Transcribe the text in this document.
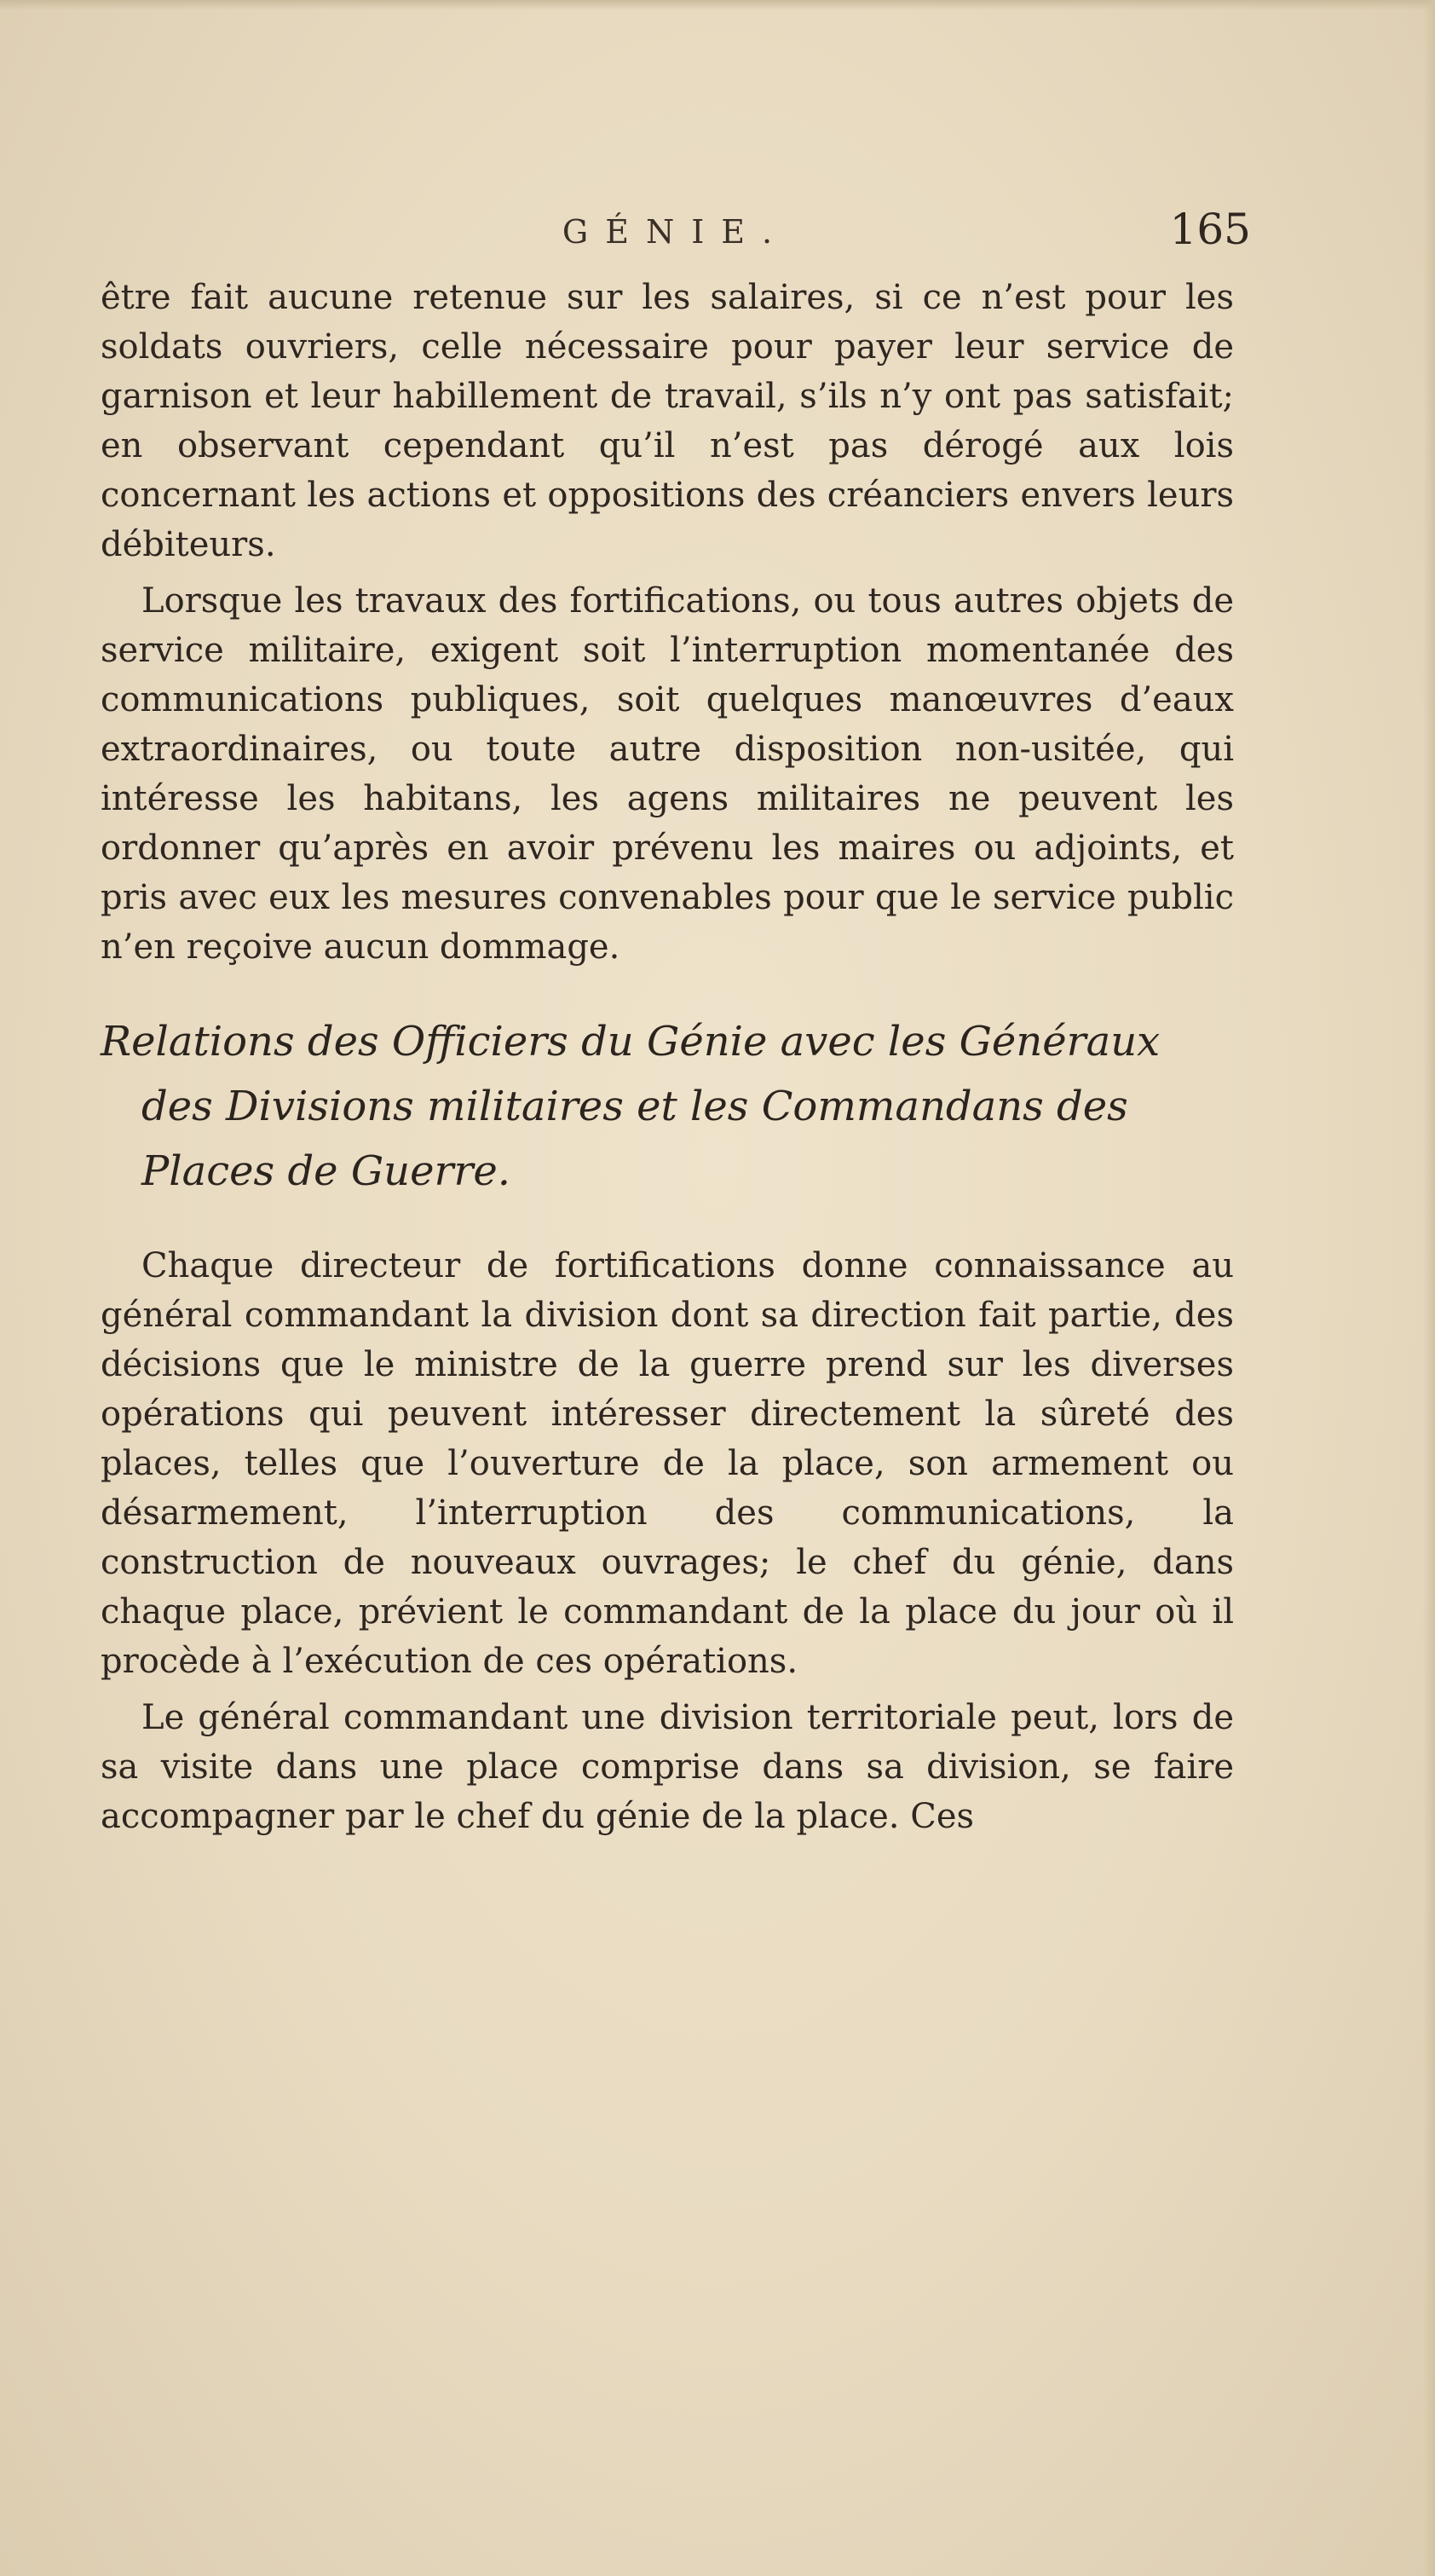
GÉNIE.	165

être fait aucune retenue sur les salaires, si ce n’est pour les soldats ouvriers, celle nécessaire pour payer leur service de garnison et leur habillement de travail, s’ils n’y ont pas satisfait; en observant cependant qu’il n’est pas dérogé aux lois concernant les actions et oppositions des créanciers envers leurs débiteurs.

Lorsque les travaux des fortifications, ou tous autres objets de service militaire, exigent soit l’interruption momentanée des communications publiques, soit quelques manœuvres d’eaux extraordinaires, ou toute autre disposition non-usitée, qui intéresse les habitans, les agens militaires ne peuvent les ordonner qu’après en avoir prévenu les maires ou adjoints, et pris avec eux les mesures convenables pour que le service public n’en reçoive aucun dommage.

Relations des Officiers du Génie avec les Généraux des Divisions militaires et les Commandans des Places de Guerre.

Chaque directeur de fortifications donne connaissance au général commandant la division dont sa direction fait partie, des décisions que le ministre de la guerre prend sur les diverses opérations qui peuvent intéresser directement la sûreté des places, telles que l’ouverture de la place, son armement ou désarmement, l’interruption des communications, la construction de nouveaux ouvrages; le chef du génie, dans chaque place, prévient le commandant de la place du jour où il procède à l’exécution de ces opérations.

Le général commandant une division territoriale peut, lors de sa visite dans une place comprise dans sa division, se faire accompagner par le chef du génie de la place. Ces
